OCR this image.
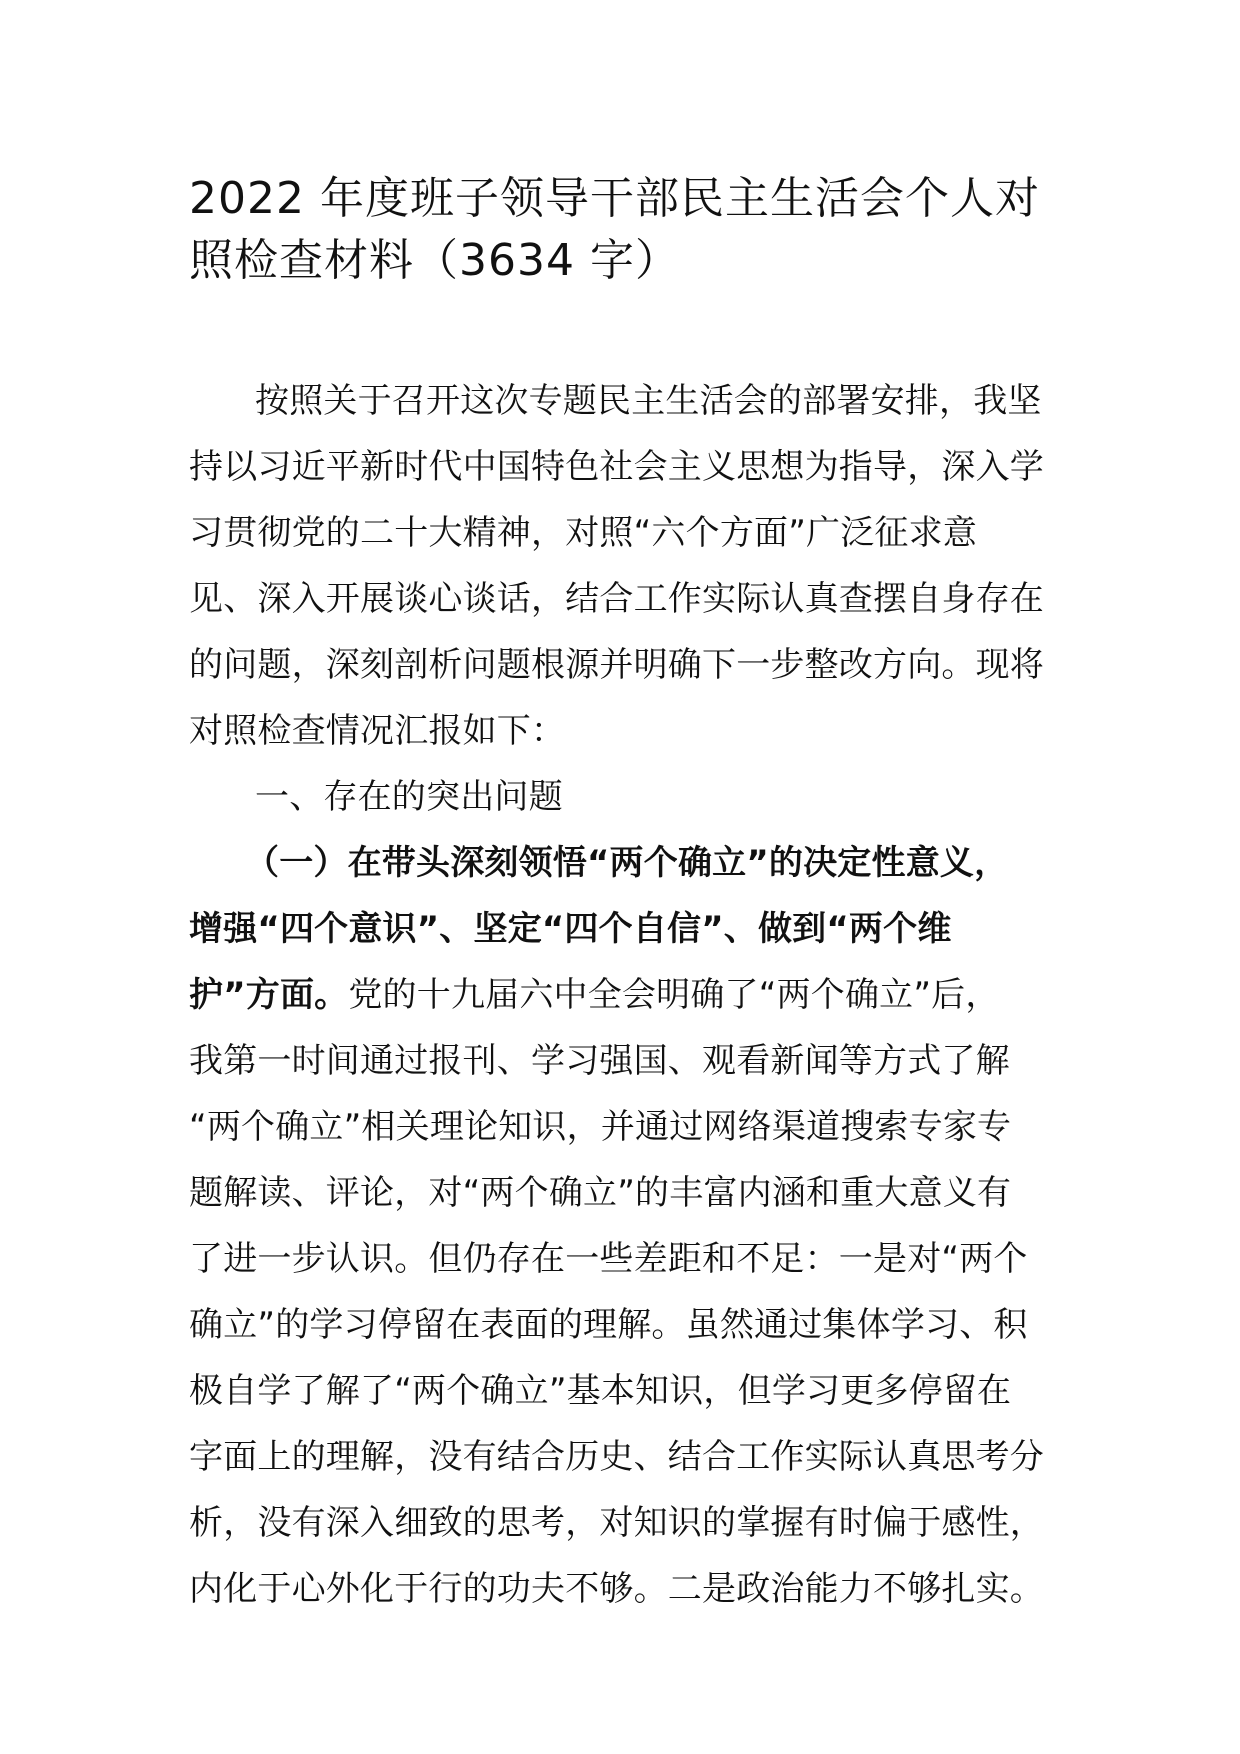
2022 年度班子领导干部民主生活会个人对
照检查材料（3634 字）
按照关于召开这次专题民主生活会的部署安排，我坚
持以习近平新时代中国特色社会主义思想为指导，深入学
习贯彻党的二十大精神，对照“六个方面”广泛征求意
见、深入开展谈心谈话，结合工作实际认真查摆自身存在
的问题，深刻剖析问题根源并明确下一步整改方向。现将
对照检查情况汇报如下：
一、存在的突出问题
（一）在带头深刻领悟“两个确立”的决定性意义，
增强“四个意识”、坚定“四个自信”、做到“两个维
护”方面。党的十九届六中全会明确了“两个确立”后，
我第一时间通过报刊、学习强国、观看新闻等方式了解
“两个确立”相关理论知识，并通过网络渠道搜索专家专
题解读、评论，对“两个确立”的丰富内涵和重大意义有
了进一步认识。但仍存在一些差距和不足：一是对“两个
确立”的学习停留在表面的理解。虽然通过集体学习、积
极自学了解了“两个确立”基本知识，但学习更多停留在
字面上的理解，没有结合历史、结合工作实际认真思考分
析，没有深入细致的思考，对知识的掌握有时偏于感性，
内化于心外化于行的功夫不够。二是政治能力不够扎实。
